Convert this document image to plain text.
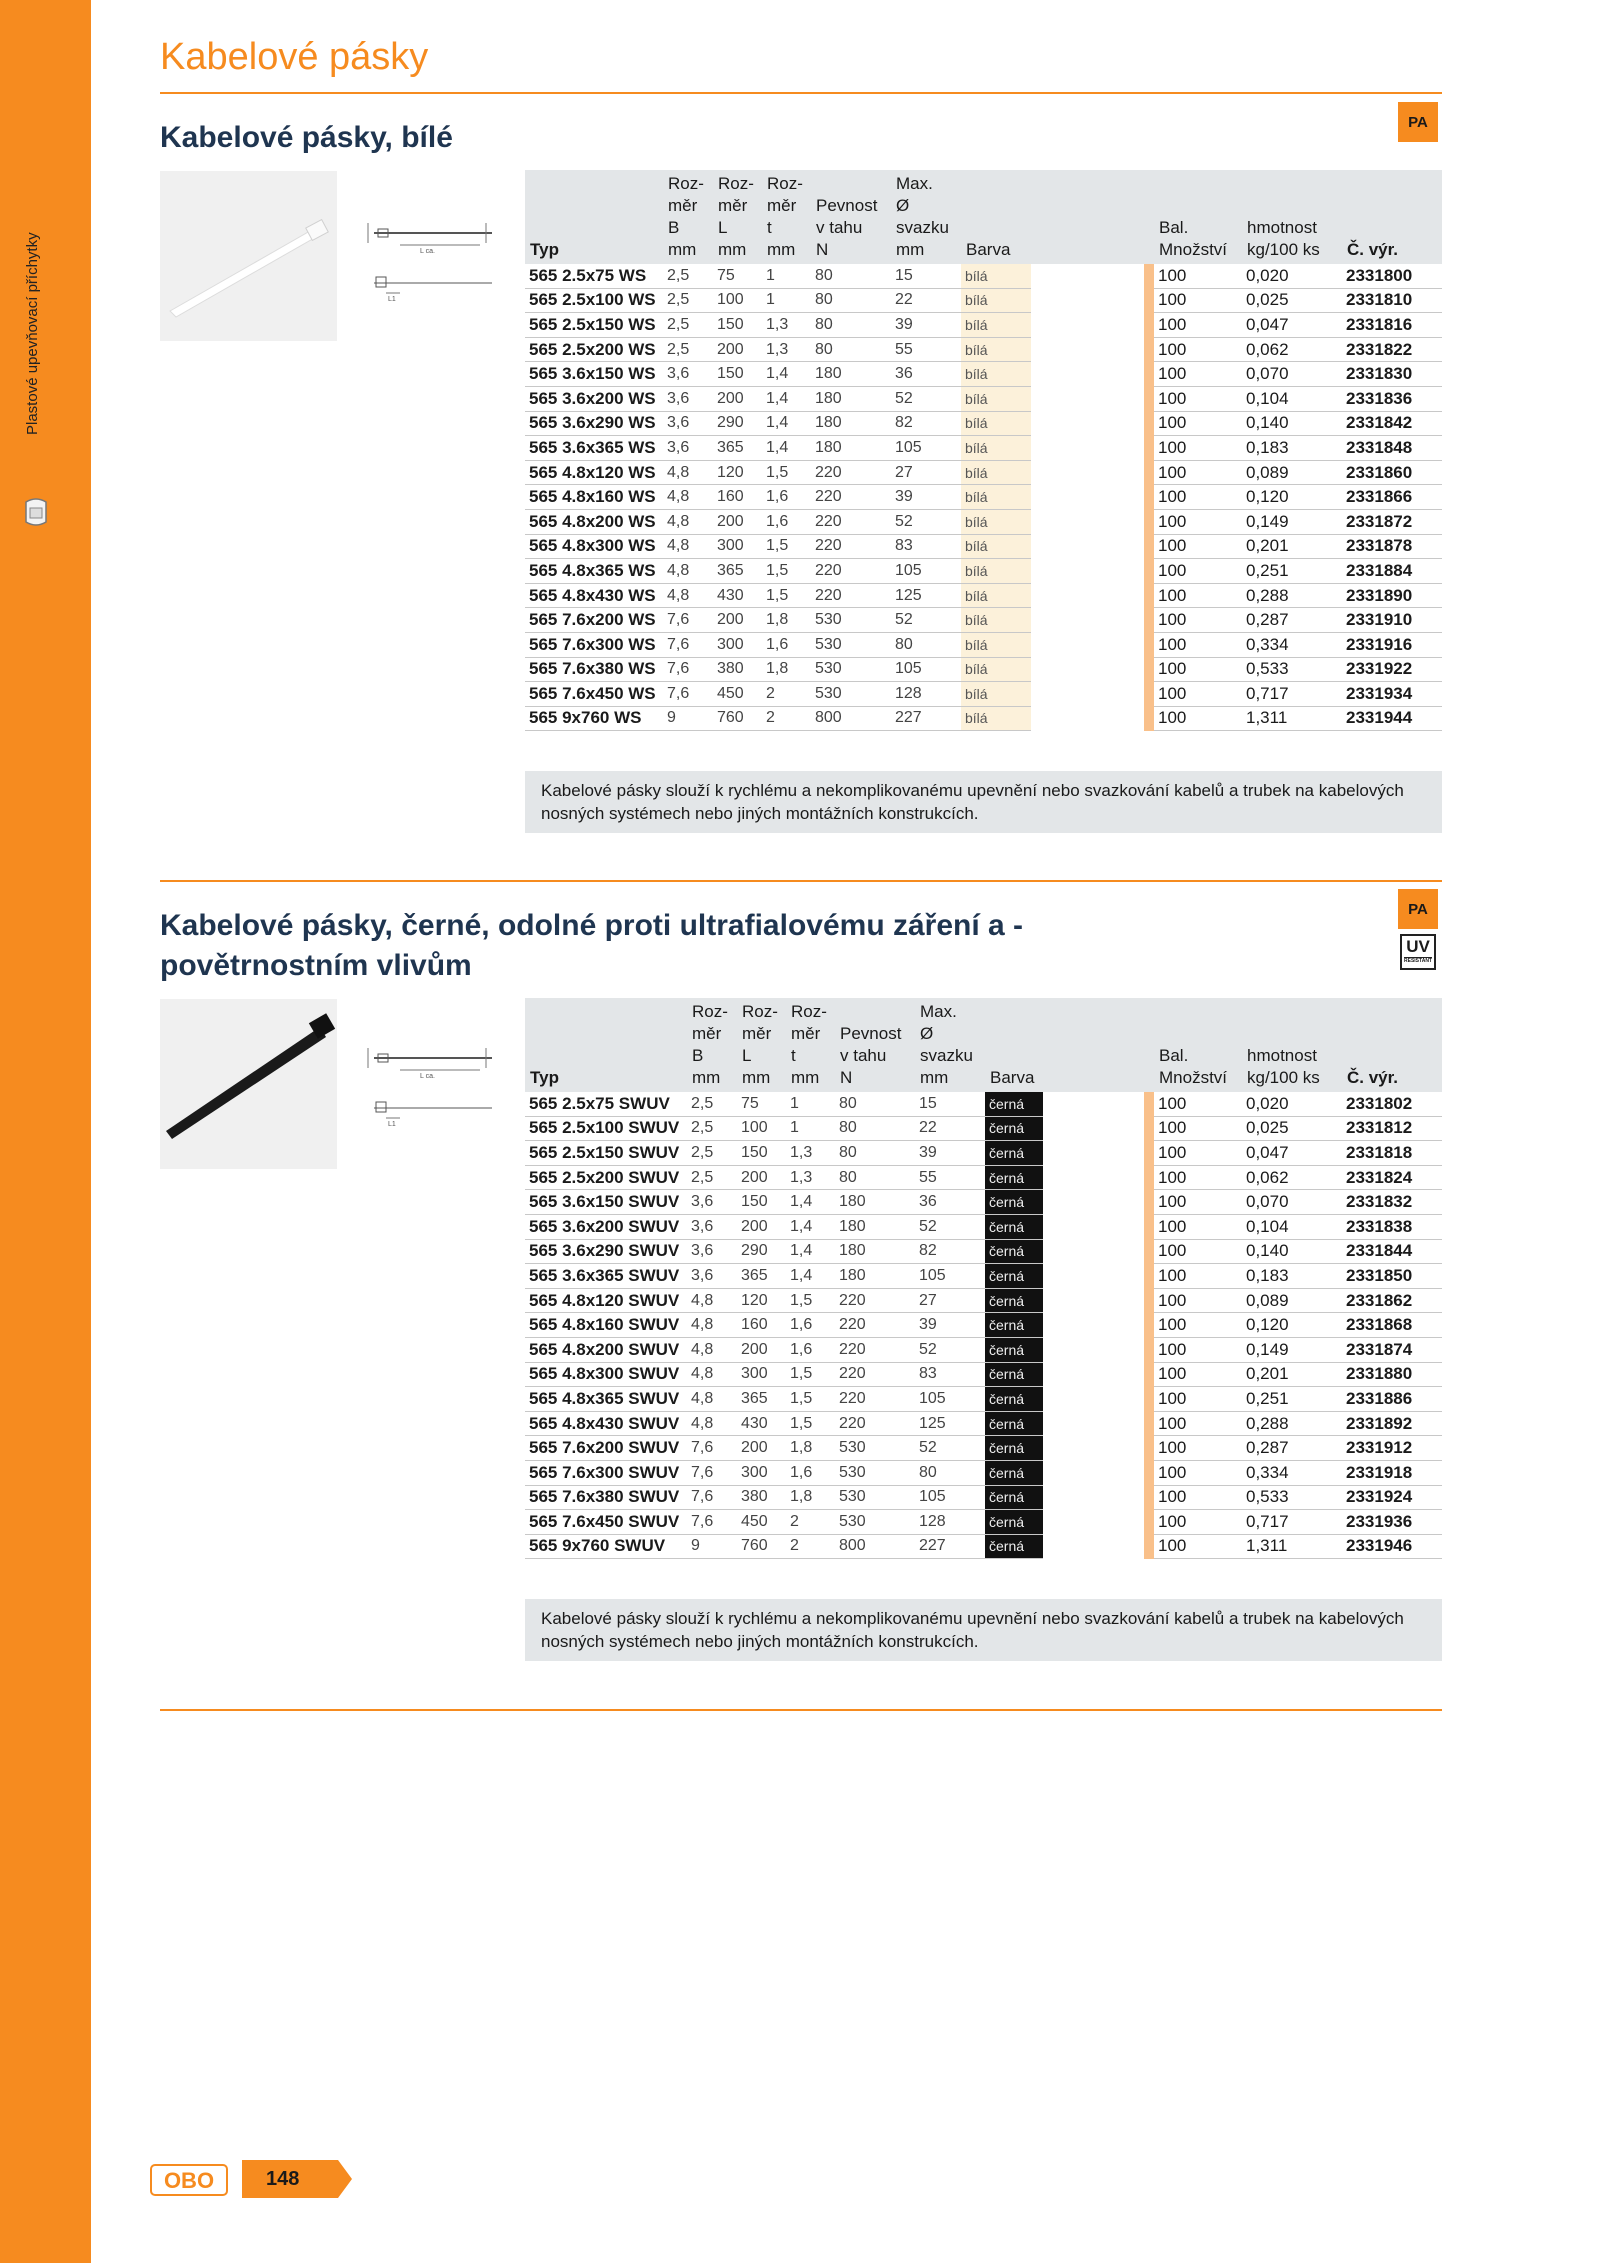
Plastové upevňovací příchytky
Kabelové pásky
Kabelové pásky, bílé	PA
L ca.
L1
Typ	Roz-
měr
B
mm	Roz-
měr
L
mm	Roz-
měr
t
mm	Pevnost
v tahu
N	Max.
Ø
svazku
mm	Barva			Bal.
Množství	hmotnost
kg/100 ks	Č. výr.
565 2.5x75 WS	2,5	75	1	80	15	bílá			100	0,020	2331800
565 2.5x100 WS	2,5	100	1	80	22	bílá			100	0,025	2331810
565 2.5x150 WS	2,5	150	1,3	80	39	bílá			100	0,047	2331816
565 2.5x200 WS	2,5	200	1,3	80	55	bílá			100	0,062	2331822
565 3.6x150 WS	3,6	150	1,4	180	36	bílá			100	0,070	2331830
565 3.6x200 WS	3,6	200	1,4	180	52	bílá			100	0,104	2331836
565 3.6x290 WS	3,6	290	1,4	180	82	bílá			100	0,140	2331842
565 3.6x365 WS	3,6	365	1,4	180	105	bílá			100	0,183	2331848
565 4.8x120 WS	4,8	120	1,5	220	27	bílá			100	0,089	2331860
565 4.8x160 WS	4,8	160	1,6	220	39	bílá			100	0,120	2331866
565 4.8x200 WS	4,8	200	1,6	220	52	bílá			100	0,149	2331872
565 4.8x300 WS	4,8	300	1,5	220	83	bílá			100	0,201	2331878
565 4.8x365 WS	4,8	365	1,5	220	105	bílá			100	0,251	2331884
565 4.8x430 WS	4,8	430	1,5	220	125	bílá			100	0,288	2331890
565 7.6x200 WS	7,6	200	1,8	530	52	bílá			100	0,287	2331910
565 7.6x300 WS	7,6	300	1,6	530	80	bílá			100	0,334	2331916
565 7.6x380 WS	7,6	380	1,8	530	105	bílá			100	0,533	2331922
565 7.6x450 WS	7,6	450	2	530	128	bílá			100	0,717	2331934
565 9x760 WS	9	760	2	800	227	bílá			100	1,311	2331944
Kabelové pásky slouží k rychlému a nekomplikovanému upevnění nebo svazkování kabelů a trubek na kabelových nosných systémech nebo jiných montážních konstrukcích.
Kabelové pásky, černé, odolné proti ultrafialovému záření a -
povětrnostním vlivům
PA
UV
RESISTANT
L ca.
L1
Typ	Roz-
měr
B
mm	Roz-
měr
L
mm	Roz-
měr
t
mm	Pevnost
v tahu
N	Max.
Ø
svazku
mm	Barva			Bal.
Množství	hmotnost
kg/100 ks	Č. výr.
565 2.5x75 SWUV	2,5	75	1	80	15	černá			100	0,020	2331802
565 2.5x100 SWUV	2,5	100	1	80	22	černá			100	0,025	2331812
565 2.5x150 SWUV	2,5	150	1,3	80	39	černá			100	0,047	2331818
565 2.5x200 SWUV	2,5	200	1,3	80	55	černá			100	0,062	2331824
565 3.6x150 SWUV	3,6	150	1,4	180	36	černá			100	0,070	2331832
565 3.6x200 SWUV	3,6	200	1,4	180	52	černá			100	0,104	2331838
565 3.6x290 SWUV	3,6	290	1,4	180	82	černá			100	0,140	2331844
565 3.6x365 SWUV	3,6	365	1,4	180	105	černá			100	0,183	2331850
565 4.8x120 SWUV	4,8	120	1,5	220	27	černá			100	0,089	2331862
565 4.8x160 SWUV	4,8	160	1,6	220	39	černá			100	0,120	2331868
565 4.8x200 SWUV	4,8	200	1,6	220	52	černá			100	0,149	2331874
565 4.8x300 SWUV	4,8	300	1,5	220	83	černá			100	0,201	2331880
565 4.8x365 SWUV	4,8	365	1,5	220	105	černá			100	0,251	2331886
565 4.8x430 SWUV	4,8	430	1,5	220	125	černá			100	0,288	2331892
565 7.6x200 SWUV	7,6	200	1,8	530	52	černá			100	0,287	2331912
565 7.6x300 SWUV	7,6	300	1,6	530	80	černá			100	0,334	2331918
565 7.6x380 SWUV	7,6	380	1,8	530	105	černá			100	0,533	2331924
565 7.6x450 SWUV	7,6	450	2	530	128	černá			100	0,717	2331936
565 9x760 SWUV	9	760	2	800	227	černá			100	1,311	2331946
Kabelové pásky slouží k rychlému a nekomplikovanému upevnění nebo svazkování kabelů a trubek na kabelových nosných systémech nebo jiných montážních konstrukcích.
OBO	148
